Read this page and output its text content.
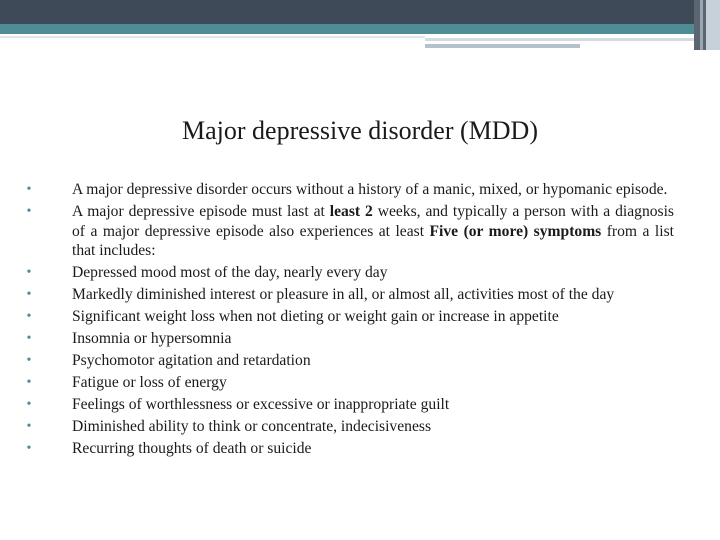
Major depressive disorder (MDD)
•	A major depressive disorder occurs without a history of a manic, mixed, or hypomanic episode.
•	A major depressive episode must last at least 2 weeks, and typically a person with a diagnosis of a major depressive episode also experiences at least Five (or more) symptoms from a list that includes:
•	Depressed mood most of the day, nearly every day
•	Markedly diminished interest or pleasure in all, or almost all, activities most of the day
•	Significant weight loss when not dieting or weight gain or increase in appetite
•	Insomnia or hypersomnia
•	Psychomotor agitation and retardation
•	Fatigue or loss of energy
•	Feelings of worthlessness or excessive or inappropriate guilt
•	Diminished ability to think or concentrate, indecisiveness
•	Recurring thoughts of death or suicide
